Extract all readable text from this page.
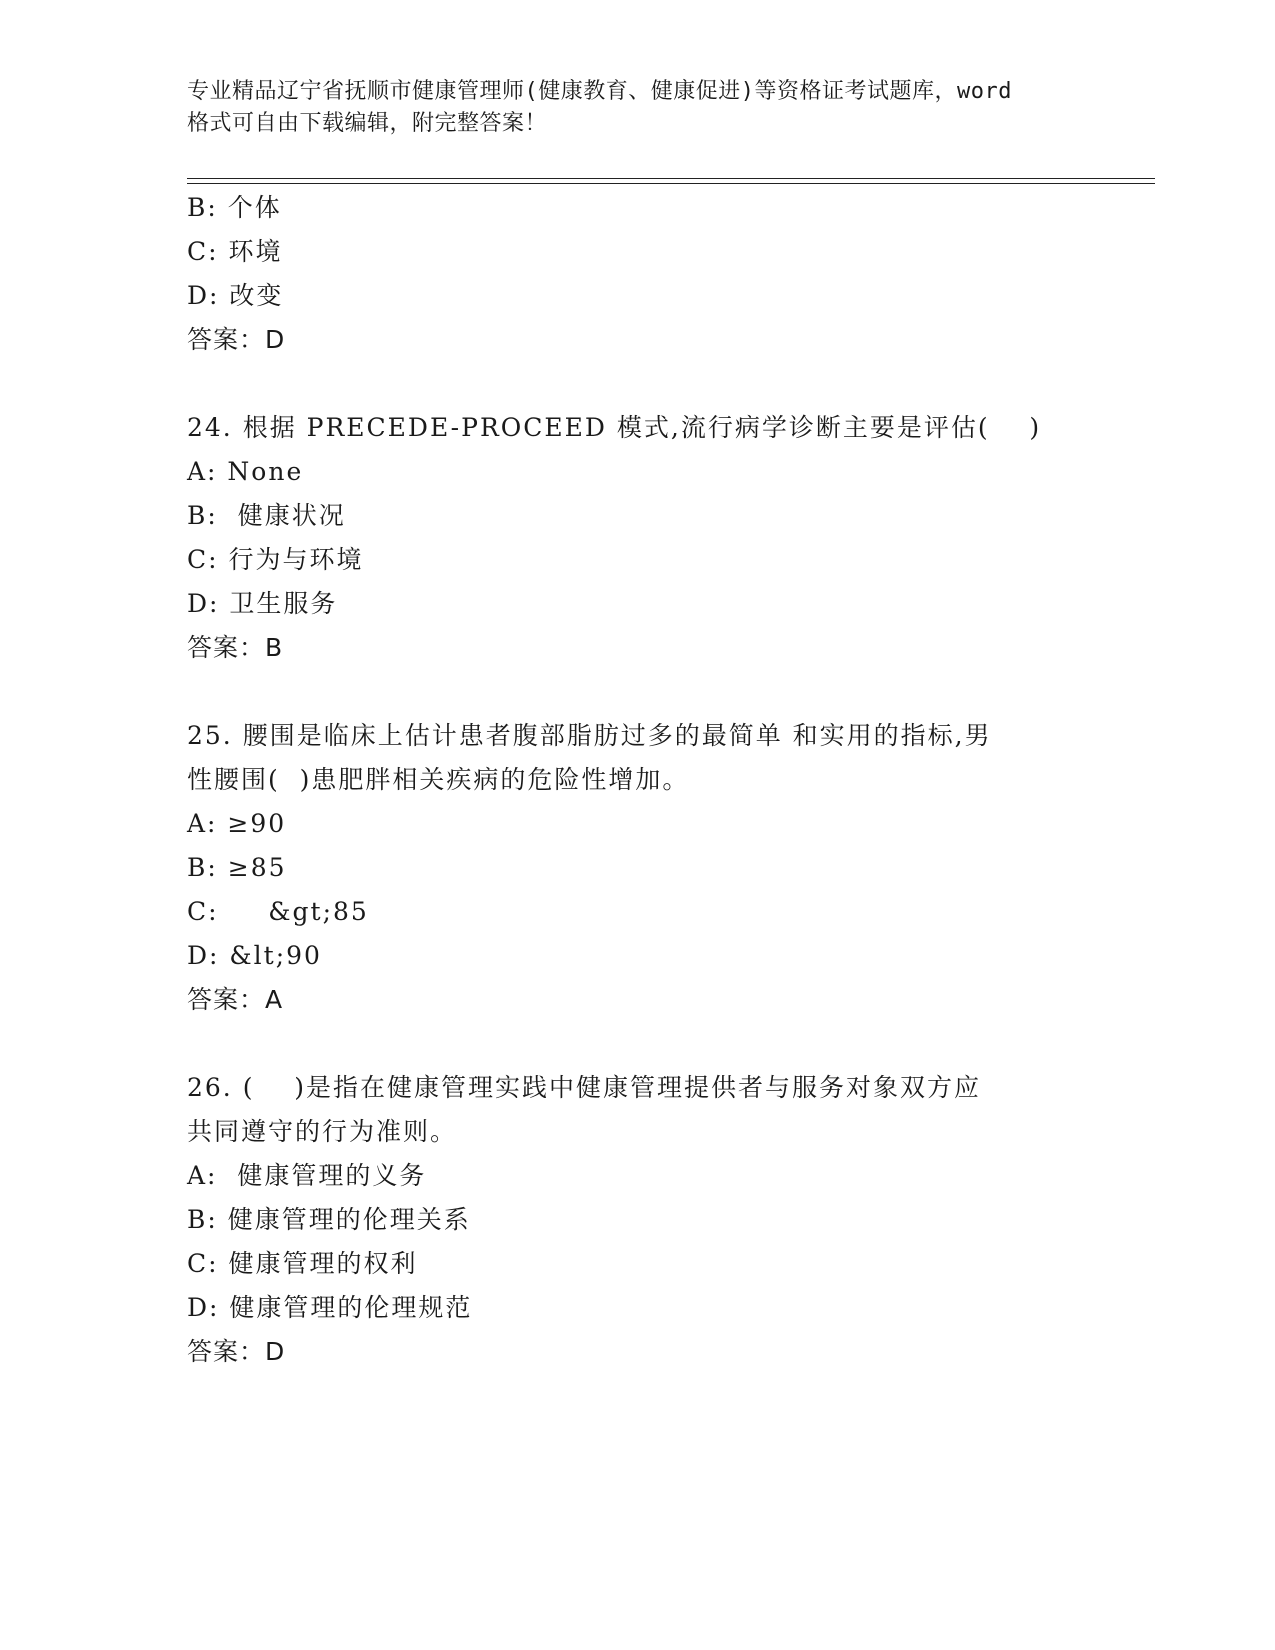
专业精品辽宁省抚顺市健康管理师(健康教育、健康促进)等资格证考试题库，word
格式可自由下载编辑，附完整答案！
B: 个体
C: 环境
D: 改变
答案：D
24. 根据 PRECEDE-PROCEED 模式,流行病学诊断主要是评估(    )
A: None
B:  健康状况
C: 行为与环境
D: 卫生服务
答案：B
25. 腰围是临床上估计患者腹部脂肪过多的最简单 和实用的指标,男
性腰围(  )患肥胖相关疾病的危险性增加。
A: ≥90
B: ≥85
C:     &gt;85
D: &lt;90
答案：A
26. (    )是指在健康管理实践中健康管理提供者与服务对象双方应
共同遵守的行为准则。
A:  健康管理的义务
B: 健康管理的伦理关系
C: 健康管理的权利
D: 健康管理的伦理规范
答案：D
